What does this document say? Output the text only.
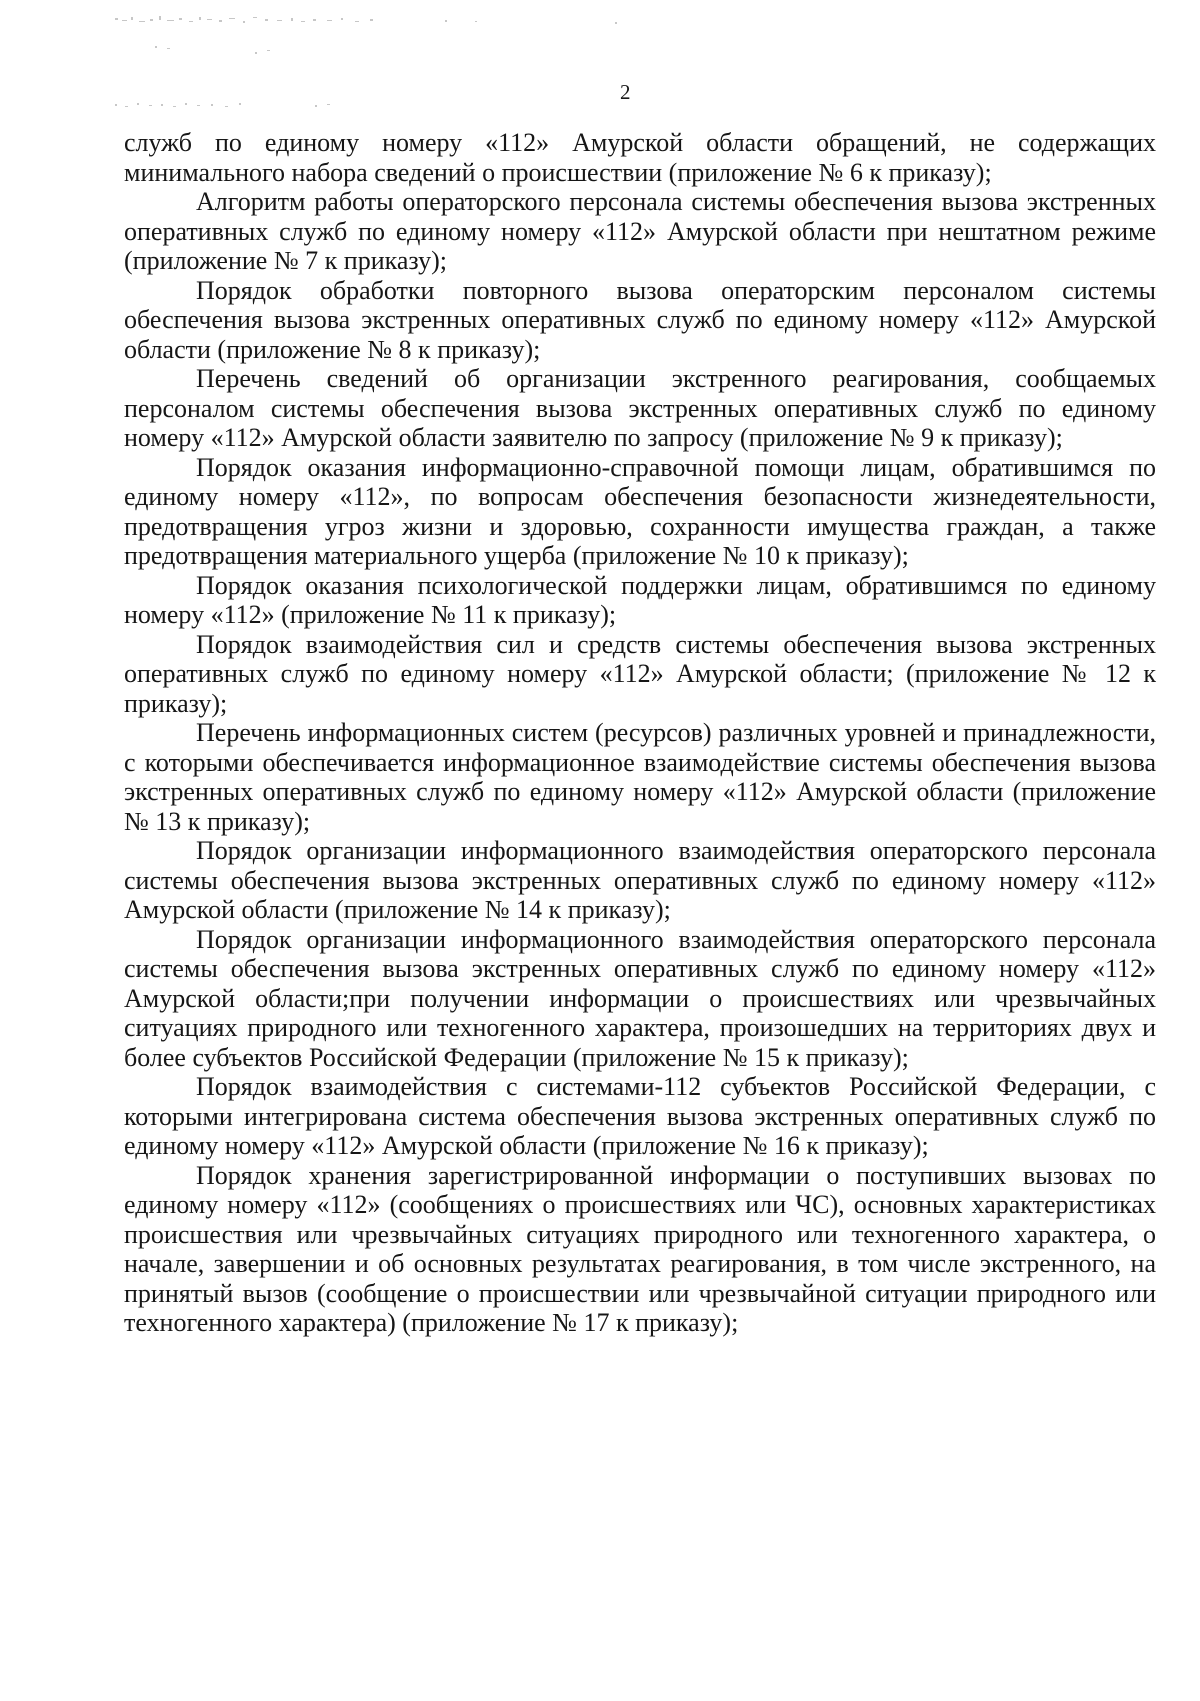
2

служб по единому номеру «112» Амурской области обращений, не содержащих минимального набора сведений о происшествии (приложение № 6 к приказу);

Алгоритм работы операторского персонала системы обеспечения вызова экстренных оперативных служб по единому номеру «112» Амурской области при нештатном режиме (приложение № 7 к приказу);

Порядок обработки повторного вызова операторским персоналом системы обеспечения вызова экстренных оперативных служб по единому номеру «112» Амурской области (приложение № 8 к приказу);

Перечень сведений об организации экстренного реагирования, сообщаемых персоналом системы обеспечения вызова экстренных оперативных служб по единому номеру «112» Амурской области заявителю по запросу (приложение № 9 к приказу);

Порядок оказания информационно-справочной помощи лицам, обратившимся по единому номеру «112», по вопросам обеспечения безопасности жизнедеятельности, предотвращения угроз жизни и здоровью, сохранности имущества граждан, а также предотвращения материального ущерба (приложение № 10 к приказу);

Порядок оказания психологической поддержки лицам, обратившимся по единому номеру «112» (приложение № 11 к приказу);

Порядок взаимодействия сил и средств системы обеспечения вызова экстренных оперативных служб по единому номеру «112» Амурской области; (приложение № 12 к приказу);

Перечень информационных систем (ресурсов) различных уровней и принадлежности, с которыми обеспечивается информационное взаимодействие системы обеспечения вызова экстренных оперативных служб по единому номеру «112» Амурской области (приложение № 13 к приказу);

Порядок организации информационного взаимодействия операторского персонала системы обеспечения вызова экстренных оперативных служб по единому номеру «112» Амурской области (приложение № 14 к приказу);

Порядок организации информационного взаимодействия операторского персонала системы обеспечения вызова экстренных оперативных служб по единому номеру «112» Амурской области;при получении информации о происшествиях или чрезвычайных ситуациях природного или техногенного характера, произошедших на территориях двух и более субъектов Российской Федерации (приложение № 15 к приказу);

Порядок взаимодействия с системами-112 субъектов Российской Федерации, с которыми интегрирована система обеспечения вызова экстренных оперативных служб по единому номеру «112» Амурской области (приложение № 16 к приказу);

Порядок хранения зарегистрированной информации о поступивших вызовах по единому номеру «112» (сообщениях о происшествиях или ЧС), основных характеристиках происшествия или чрезвычайных ситуациях природного или техногенного характера, о начале, завершении и об основных результатах реагирования, в том числе экстренного, на принятый вызов (сообщение о происшествии или чрезвычайной ситуации природного или техногенного характера) (приложение № 17 к приказу);
